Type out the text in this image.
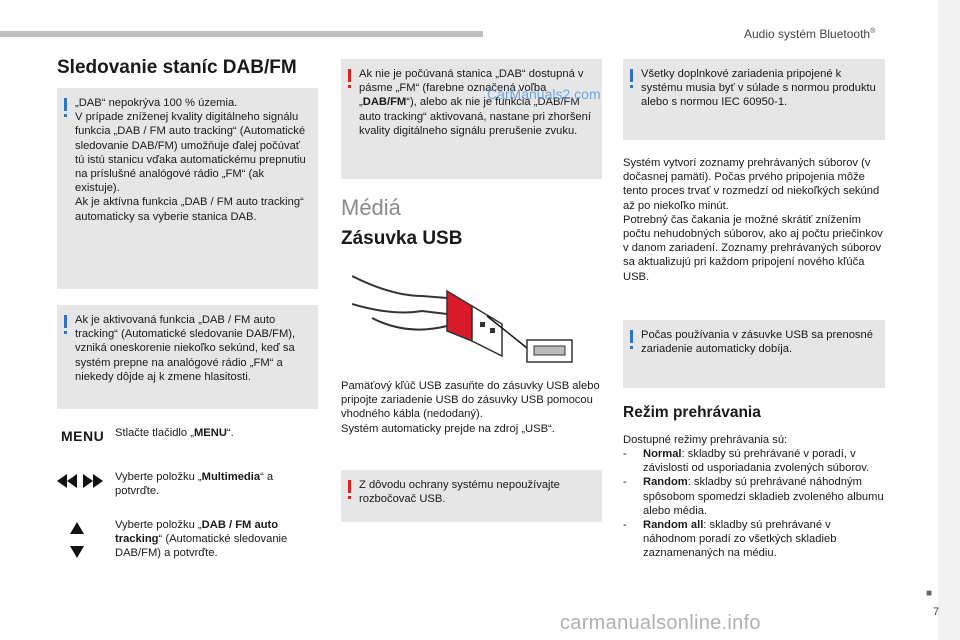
Audio systém Bluetooth®
■
7
Sledovanie staníc DAB/FM
„DAB“ nepokrýva 100 % územia.
V prípade zníženej kvality digitálneho signálu funkcia „DAB / FM auto tracking“ (Automatické sledovanie DAB/FM) umožňuje ďalej počúvať tú istú stanicu vďaka automatickému prepnutiu na príslušné analógové rádio „FM“ (ak existuje).
Ak je aktívna funkcia „DAB / FM auto tracking“ automaticky sa vyberie stanica DAB.
Ak je aktivovaná funkcia „DAB / FM auto tracking“ (Automatické sledovanie DAB/FM), vzniká oneskorenie niekoľko sekúnd, keď sa systém prepne na analógové rádio „FM“ a niekedy dôjde aj k zmene hlasitosti.
MENU Stlačte tlačidlo „MENU“.
Vyberte položku „Multimedia“ a potvrďte.
Vyberte položku „DAB / FM auto tracking“ (Automatické sledovanie DAB/FM) a potvrďte.
Ak nie je počúvaná stanica „DAB“ dostupná v pásme „FM“ (farebne označená voľba „DAB/FM“), alebo ak nie je funkcia „DAB/FM auto tracking“ aktivovaná, nastane pri zhoršení kvality digitálneho signálu prerušenie zvuku.
Médiá
Zásuvka USB
Pamäťový kľúč USB zasuňte do zásuvky USB alebo pripojte zariadenie USB do zásuvky USB pomocou vhodného kábla (nedodaný).
Systém automaticky prejde na zdroj „USB“.
Z dôvodu ochrany systému nepoužívajte rozbočovač USB.
Všetky doplnkové zariadenia pripojené k systému musia byť v súlade s normou produktu alebo s normou IEC 60950-1.
Systém vytvorí zoznamy prehrávaných súborov (v dočasnej pamäti). Počas prvého pripojenia môže tento proces trvať v rozmedzí od niekoľkých sekúnd až po niekoľko minút.
Potrebný čas čakania je možné skrátiť znížením počtu nehudobných súborov, ako aj počtu priečinkov v danom zariadení. Zoznamy prehrávaných súborov sa aktualizujú pri každom pripojení nového kľúča USB.
Počas používania v zásuvke USB sa prenosné zariadenie automaticky dobíja.
Režim prehrávania
Dostupné režimy prehrávania sú:
- Normal: skladby sú prehrávané v poradí, v závislosti od usporiadania zvolených súborov.
- Random: skladby sú prehrávané náhodným spôsobom spomedzi skladieb zvoleného albumu alebo média.
- Random all: skladby sú prehrávané v náhodnom poradí zo všetkých skladieb zaznamenaných na médiu.
CarManuals2.com
carmanualsonline.info
